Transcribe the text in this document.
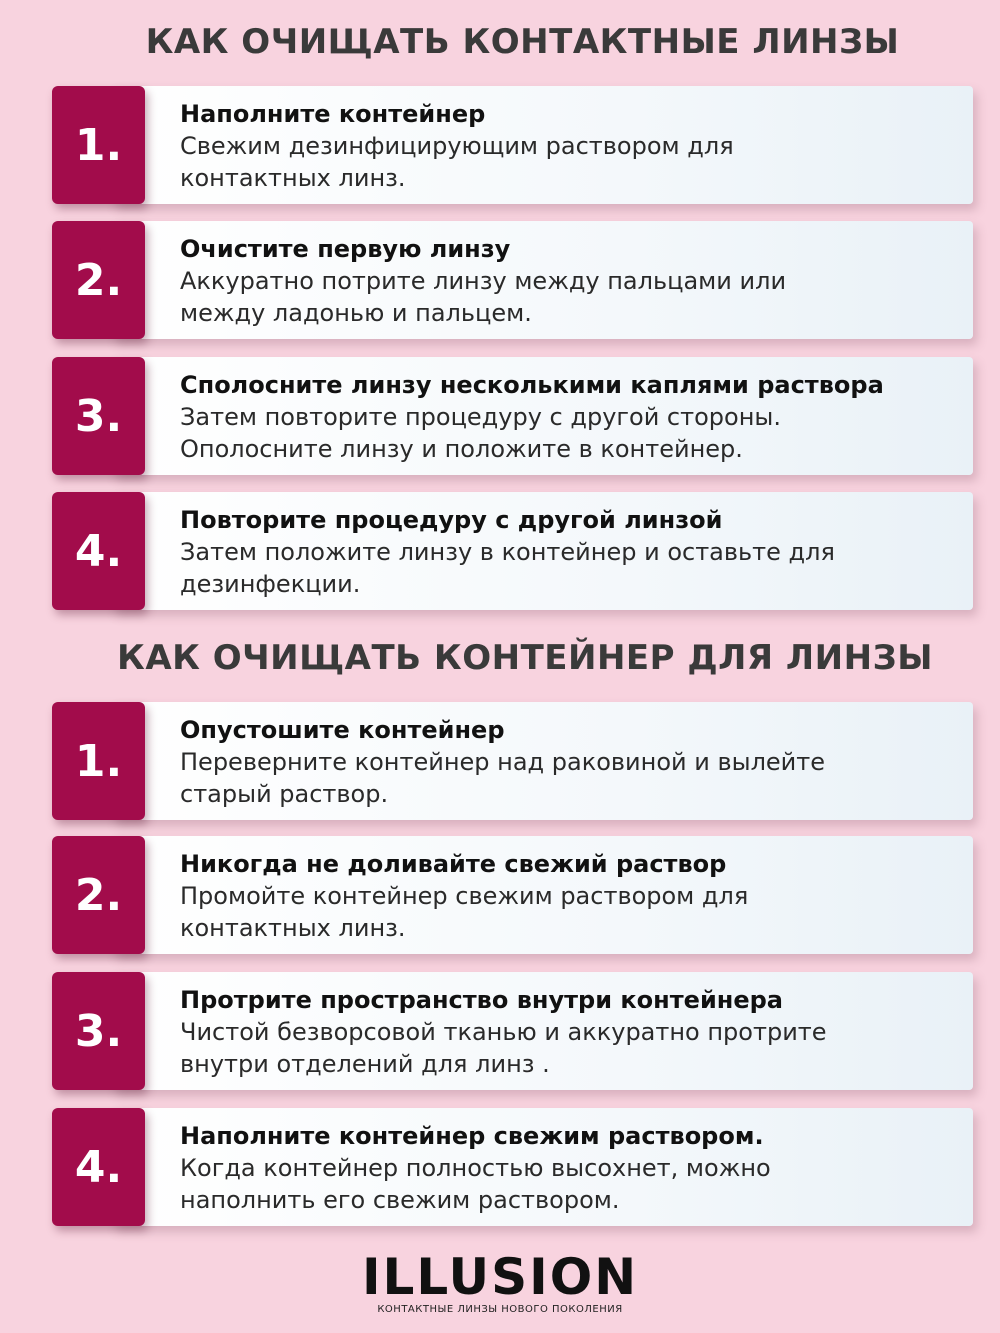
КАК ОЧИЩАТЬ КОНТАКТНЫЕ ЛИНЗЫ
1.
Наполните контейнер
Свежим дезинфицирующим раствором для
контактных линз.
2.
Очистите первую линзу
Аккуратно потрите линзу между пальцами или
между ладонью и пальцем.
3.
Сполосните линзу несколькими каплями раствора
Затем повторите процедуру с другой стороны.
Ополосните линзу и положите в контейнер.
4.
Повторите процедуру с другой линзой
Затем положите линзу в контейнер и оставьте для
дезинфекции.
КАК ОЧИЩАТЬ КОНТЕЙНЕР ДЛЯ ЛИНЗЫ
1.
Опустошите контейнер
Переверните контейнер над раковиной и вылейте
старый раствор.
2.
Никогда не доливайте свежий раствор
Промойте контейнер свежим раствором для
контактных линз.
3.
Протрите пространство внутри контейнера
Чистой безворсовой тканью и аккуратно протрите
внутри отделений для линз .
4.
Наполните контейнер свежим раствором.
Когда контейнер полностью высохнет, можно
наполнить его свежим раствором.
ILLUSION
КОНТАКТНЫЕ ЛИНЗЫ НОВОГО ПОКОЛЕНИЯ
